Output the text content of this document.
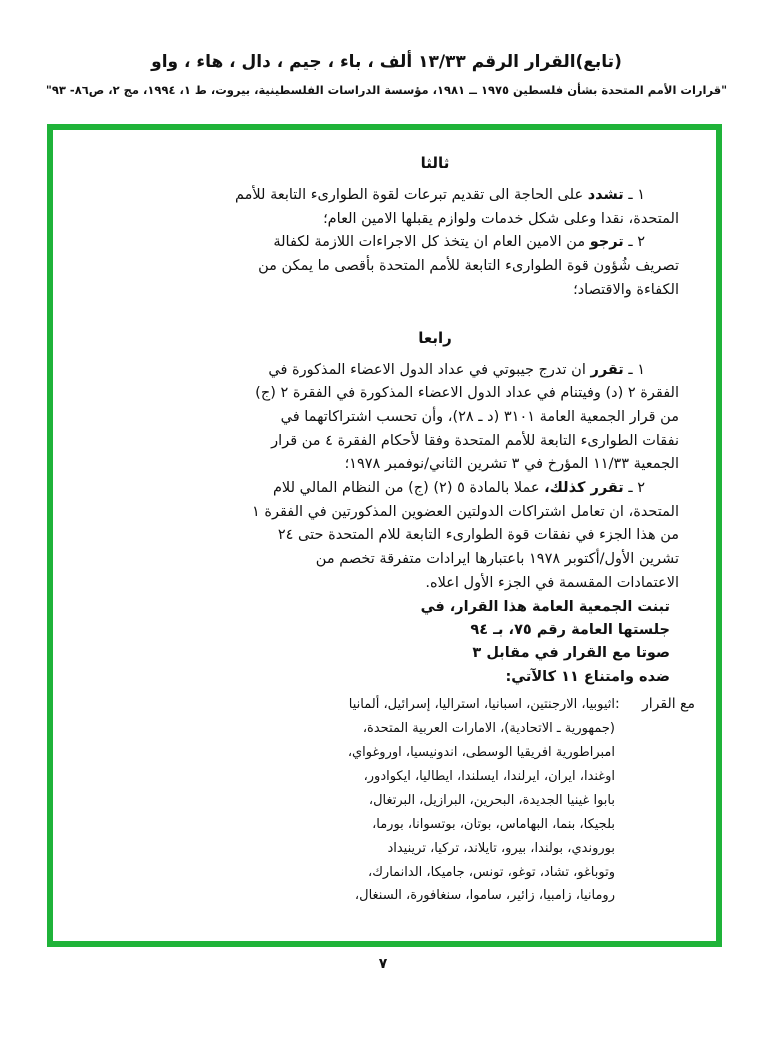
(تابع)القرار الرقم ١٣/٣٣ ألف ، باء ، جيم ، دال ، هاء ، واو
"قرارات الأمم المتحدة بشأن فلسطين ١٩٧٥ ــ ١٩٨١، مؤسسة الدراسات الفلسطينية، بيروت، ط ١، ١٩٩٤، مج ٢، ص٨٦- ٩٣"
ثالثا
١ ـ تشدد على الحاجة الى تقديم تبرعات لقوة الطوارىء التابعة للأمم
المتحدة، نقدا وعلى شكل خدمات ولوازم يقبلها الامين العام؛
٢ ـ ترجو من الامين العام ان يتخذ كل الاجراءات اللازمة لكفالة
تصريف شُؤون قوة الطوارىء التابعة للأمم المتحدة بأقصى ما يمكن من
الكفاءة والاقتصاد؛
رابعا
١ ـ تقرر ان تدرج جيبوتي في عداد الدول الاعضاء المذكورة في
الفقرة ٢ (د) وفيتنام في عداد الدول الاعضاء المذكورة في الفقرة ٢ (ج)
من قرار الجمعية العامة ٣١٠١ (د ـ ٢٨)، وأن تحسب اشتراكاتهما في
نفقات الطوارىء التابعة للأمم المتحدة وفقا لأحكام الفقرة ٤ من قرار
الجمعية ١١/٣٣ المؤرخ في ٣ تشرين الثاني/نوفمبر ١٩٧٨؛
٢ ـ تقرر كذلك، عملا بالمادة ٥ (٢) (ج) من النظام المالي للام
المتحدة، ان تعامل اشتراكات الدولتين العضوين المذكورتين في الفقرة ١
من هذا الجزء في نفقات قوة الطوارىء التابعة للام المتحدة حتى ٢٤
تشرين الأول/أكتوبر ١٩٧٨ باعتبارها ايرادات متفرقة تخصم من
الاعتمادات المقسمة في الجزء الأول اعلاه.
تبنت الجمعية العامة هذا القرار، في
جلستها العامة رقم ٧٥، بـ ٩٤
صوتا مع القرار في مقابل ٣
ضده وامتناع ١١ كالآتي:
مع القرار
:
اثيوبيا، الارجنتين، اسبانيا، استراليا، إسرائيل، ألمانيا
(جمهورية ـ الاتحادية)، الامارات العربية المتحدة،
امبراطورية افريقيا الوسطى، اندونيسيا، اوروغواي،
اوغندا، ايران، ايرلندا، ايسلندا، ايطاليا، ايكوادور،
بابوا غينيا الجديدة، البحرين، البرازيل، البرتغال،
بلجيكا، بنما، البهاماس، بوتان، بوتسوانا، بورما،
بوروندي، بولندا، بيرو، تايلاند، تركيا، ترينيداد
وتوباغو، تشاد، توغو، تونس، جاميكا، الدانمارك،
رومانيا، زامبيا، زائير، ساموا، سنغافورة، السنغال،
٧
